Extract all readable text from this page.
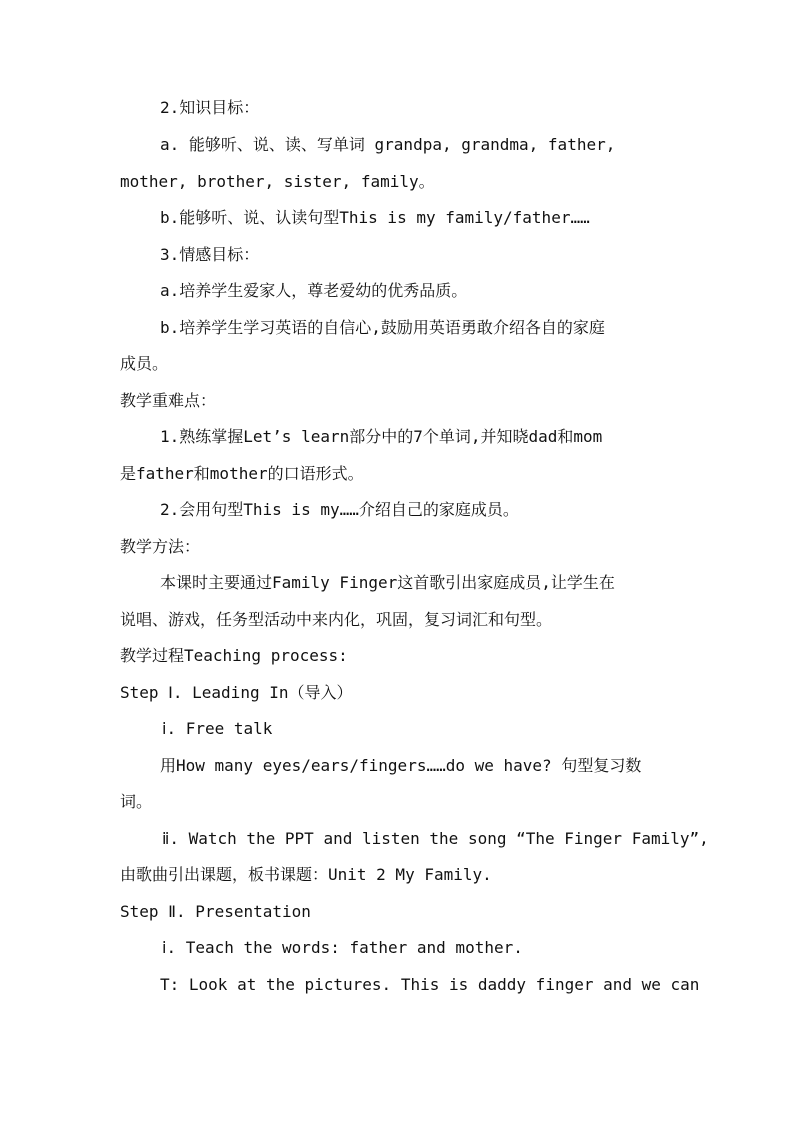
2.知识目标：
a. 能够听、说、读、写单词 grandpa, grandma, father,
mother, brother, sister, family。
b.能够听、说、认读句型This is my family/father……
3.情感目标：
a.培养学生爱家人，尊老爱幼的优秀品质。
b.培养学生学习英语的自信心,鼓励用英语勇敢介绍各自的家庭
成员。
教学重难点：
1.熟练掌握Let’s learn部分中的7个单词,并知晓dad和mom
是father和mother的口语形式。
2.会用句型This is my……介绍自己的家庭成员。
教学方法：
本课时主要通过Family Finger这首歌引出家庭成员,让学生在
说唱、游戏，任务型活动中来内化，巩固，复习词汇和句型。
教学过程Teaching process:
Step Ⅰ. Leading In（导入）
ⅰ. Free talk
用How many eyes/ears/fingers……do we have? 句型复习数
词。
ⅱ. Watch the PPT and listen the song “The Finger Family”,
由歌曲引出课题，板书课题：Unit 2 My Family.
Step Ⅱ. Presentation
ⅰ. Teach the words: father and mother.
T: Look at the pictures. This is daddy finger and we can
